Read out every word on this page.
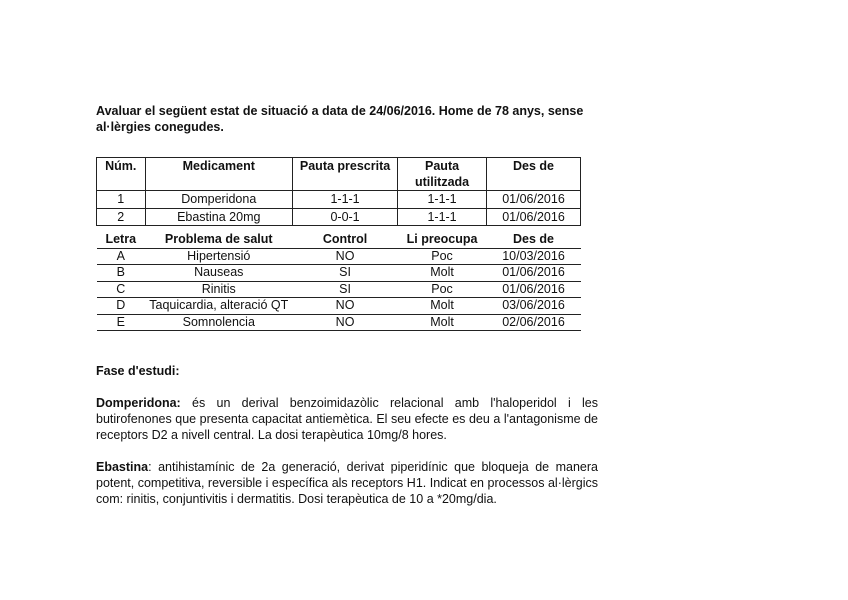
Avaluar el següent estat de situació a data de 24/06/2016. Home de 78 anys, sense al·lèrgies conegudes.

Núm.	Medicament	Pauta prescrita	Pauta utilitzada	Des de
1	Domperidona	1-1-1	1-1-1	01/06/2016
2	Ebastina 20mg	0-0-1	1-1-1	01/06/2016
Letra	Problema de salut	Control	Li preocupa	Des de
A	Hipertensió	NO	Poc	10/03/2016
B	Nauseas	SI	Molt	01/06/2016
C	Rinitis	SI	Poc	01/06/2016
D	Taquicardia, alteració QT	NO	Molt	03/06/2016
E	Somnolencia	NO	Molt	02/06/2016

Fase d'estudi:

Domperidona: és un derival benzoimidazòlic relacional amb l'haloperidol i les butirofenones que presenta capacitat antiemètica. El seu efecte es deu a l'antagonisme de receptors D2 a nivell central. La dosi terapèutica 10mg/8 hores.

Ebastina: antihistamínic de 2a generació, derivat piperidínic que bloqueja de manera potent, competitiva, reversible i específica als receptors H1. Indicat en processos al·lèrgics com: rinitis, conjuntivitis i dermatitis. Dosi terapèutica de 10 a *20mg/dia.
